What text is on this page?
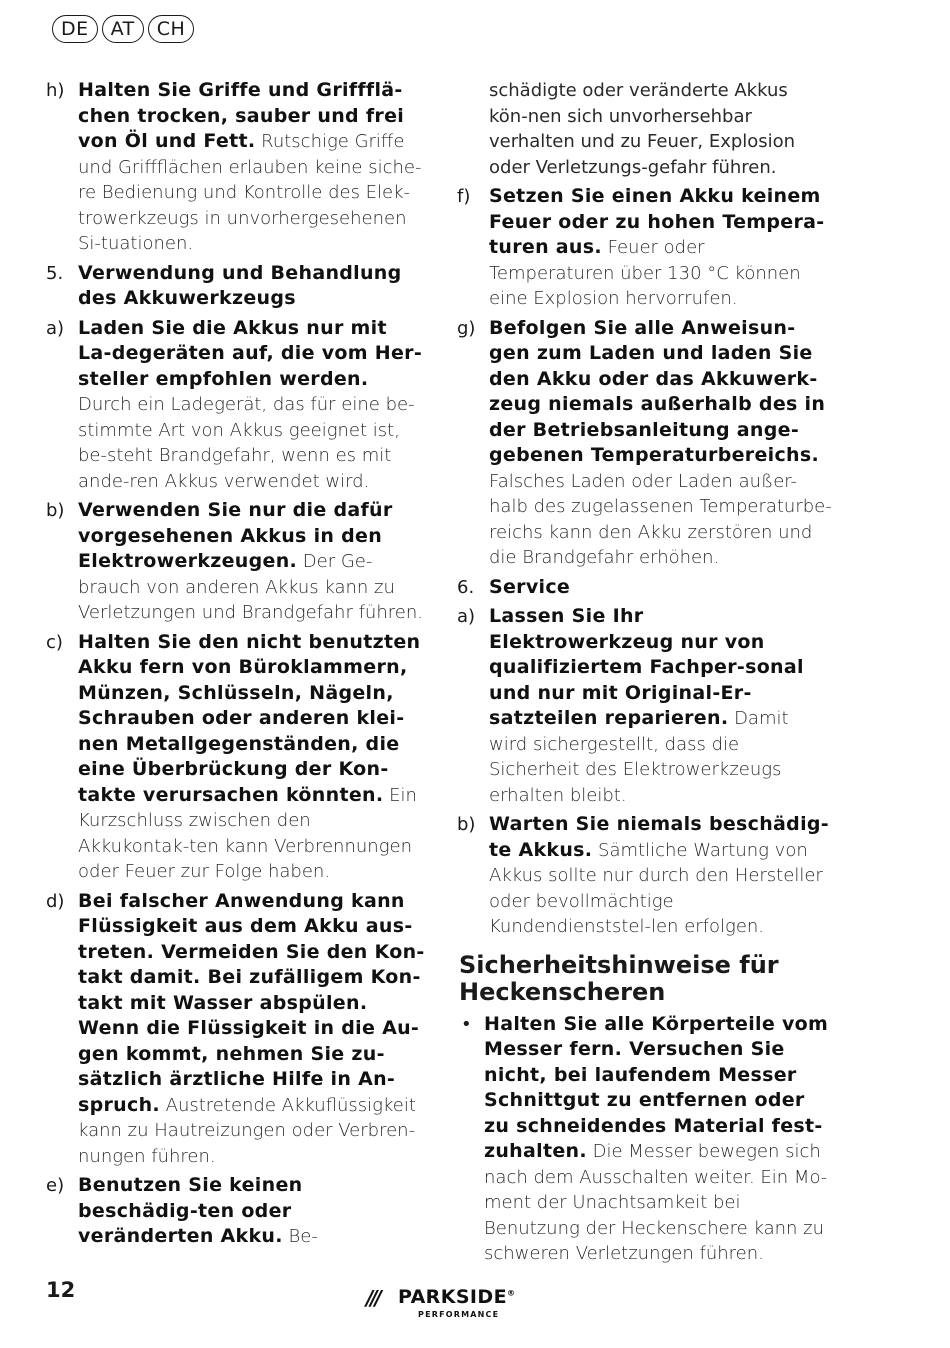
DE	AT	CH
h) Halten Sie Griffe und Griffflä-chen trocken, sauber und frei von Öl und Fett. Rutschige Griffe und Griffflächen erlauben keine siche-re Bedienung und Kontrolle des Elek-trowerkzeugs in unvorhergesehenen Si-tuationen.
5. Verwendung und Behandlung des Akkuwerkzeugs
a) Laden Sie die Akkus nur mit La-degeräten auf, die vom Her-steller empfohlen werden. Durch ein Ladegerät, das für eine be-stimmte Art von Akkus geeignet ist, be-steht Brandgefahr, wenn es mit ande-ren Akkus verwendet wird.
b) Verwenden Sie nur die dafür vorgesehenen Akkus in den Elektrowerkzeugen. Der Ge-brauch von anderen Akkus kann zu Verletzungen und Brandgefahr führen.
c) Halten Sie den nicht benutzten Akku fern von Büroklammern, Münzen, Schlüsseln, Nägeln, Schrauben oder anderen klei-nen Metallgegenständen, die eine Überbrückung der Kon-takte verursachen könnten. Ein Kurzschluss zwischen den Akkukontak-ten kann Verbrennungen oder Feuer zur Folge haben.
d) Bei falscher Anwendung kann Flüssigkeit aus dem Akku aus-treten. Vermeiden Sie den Kon-takt damit. Bei zufälligem Kon-takt mit Wasser abspülen. Wenn die Flüssigkeit in die Au-gen kommt, nehmen Sie zu-sätzlich ärztliche Hilfe in An-spruch. Austretende Akkuflüssigkeit kann zu Hautreizungen oder Verbren-nungen führen.
e) Benutzen Sie keinen beschädig-ten oder veränderten Akku. Be-
schädigte oder veränderte Akkus kön-nen sich unvorhersehbar verhalten und zu Feuer, Explosion oder Verletzungs-gefahr führen.
f) Setzen Sie einen Akku keinem Feuer oder zu hohen Tempera-turen aus. Feuer oder Temperaturen über 130 °C können eine Explosion hervorrufen.
g) Befolgen Sie alle Anweisun-gen zum Laden und laden Sie den Akku oder das Akkuwerk-zeug niemals außerhalb des in der Betriebsanleitung ange-gebenen Temperaturbereichs. Falsches Laden oder Laden außer-halb des zugelassenen Temperaturbe-reichs kann den Akku zerstören und die Brandgefahr erhöhen.
6. Service
a) Lassen Sie Ihr Elektrowerkzeug nur von qualifiziertem Fachper-sonal und nur mit Original-Er-satzteilen reparieren. Damit wird sichergestellt, dass die Sicherheit des Elektrowerkzeugs erhalten bleibt.
b) Warten Sie niemals beschädig-te Akkus. Sämtliche Wartung von Akkus sollte nur durch den Hersteller oder bevollmächtige Kundendienststel-len erfolgen.
Sicherheitshinweise für Heckenscheren
• Halten Sie alle Körperteile vom Messer fern. Versuchen Sie nicht, bei laufendem Messer Schnittgut zu entfernen oder zu schneidendes Material fest-zuhalten. Die Messer bewegen sich nach dem Ausschalten weiter. Ein Mo-ment der Unachtsamkeit bei Benutzung der Heckenschere kann zu schweren Verletzungen führen.
12	/// PARKSIDE®
PERFORMANCE
